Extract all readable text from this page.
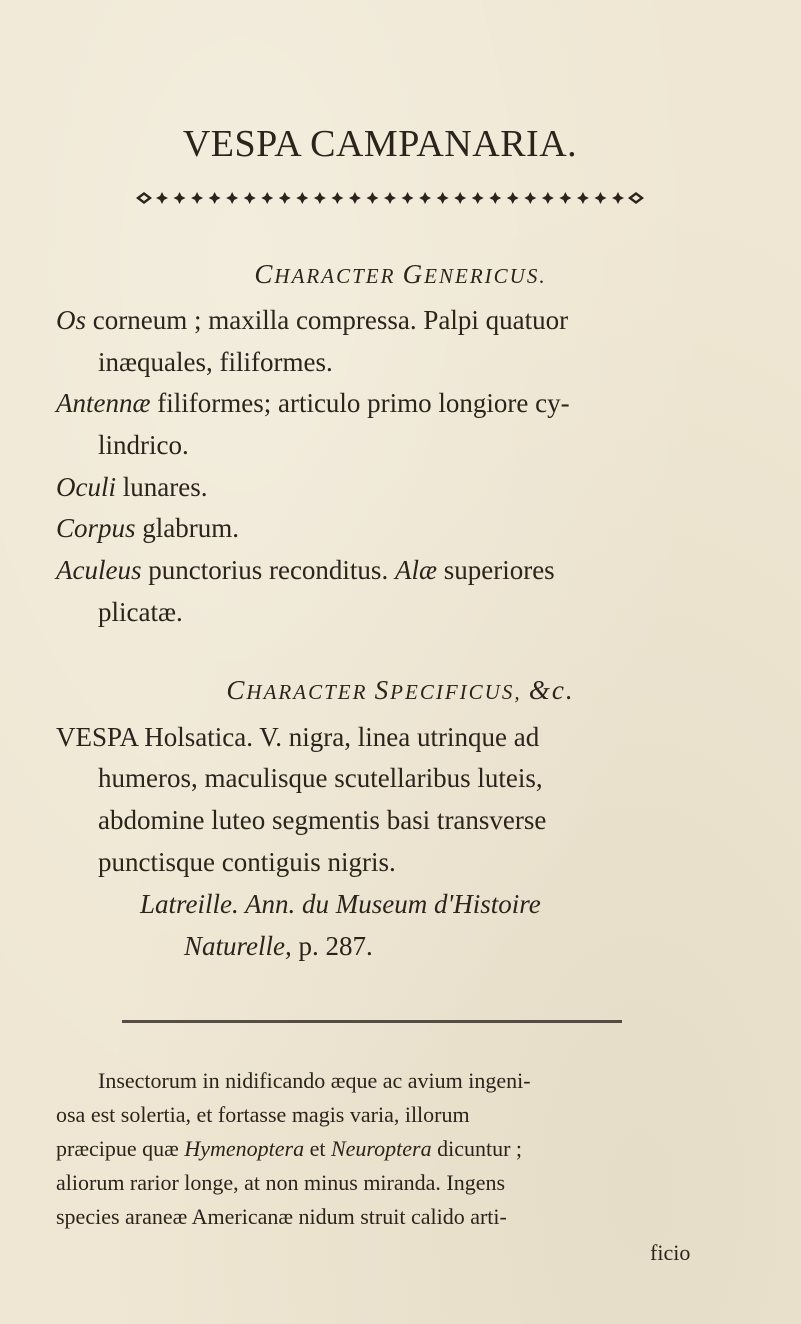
VESPA CAMPANARIA.

CHARACTER GENERICUS.

Os corneum ; maxilla compressa. Palpi quatuor

inæquales, filiformes.

Antennæ filiformes; articulo primo longiore cy-

lindrico.

Oculi lunares.

Corpus glabrum.

Aculeus punctorius reconditus. Alæ superiores

plicatæ.

CHARACTER SPECIFICUS, &c.

VESPA Holsatica. V. nigra, linea utrinque ad

humeros, maculisque scutellaribus luteis,

abdomine luteo segmentis basi transverse

punctisque contiguis nigris.

Latreille. Ann. du Museum d'Histoire

Naturelle, p. 287.

Insectorum in nidificando æque ac avium ingeni-

osa est solertia, et fortasse magis varia, illorum

præcipue quæ Hymenoptera et Neuroptera dicuntur ;

aliorum rarior longe, at non minus miranda. Ingens

species araneæ Americanæ nidum struit calido arti-

ficio
